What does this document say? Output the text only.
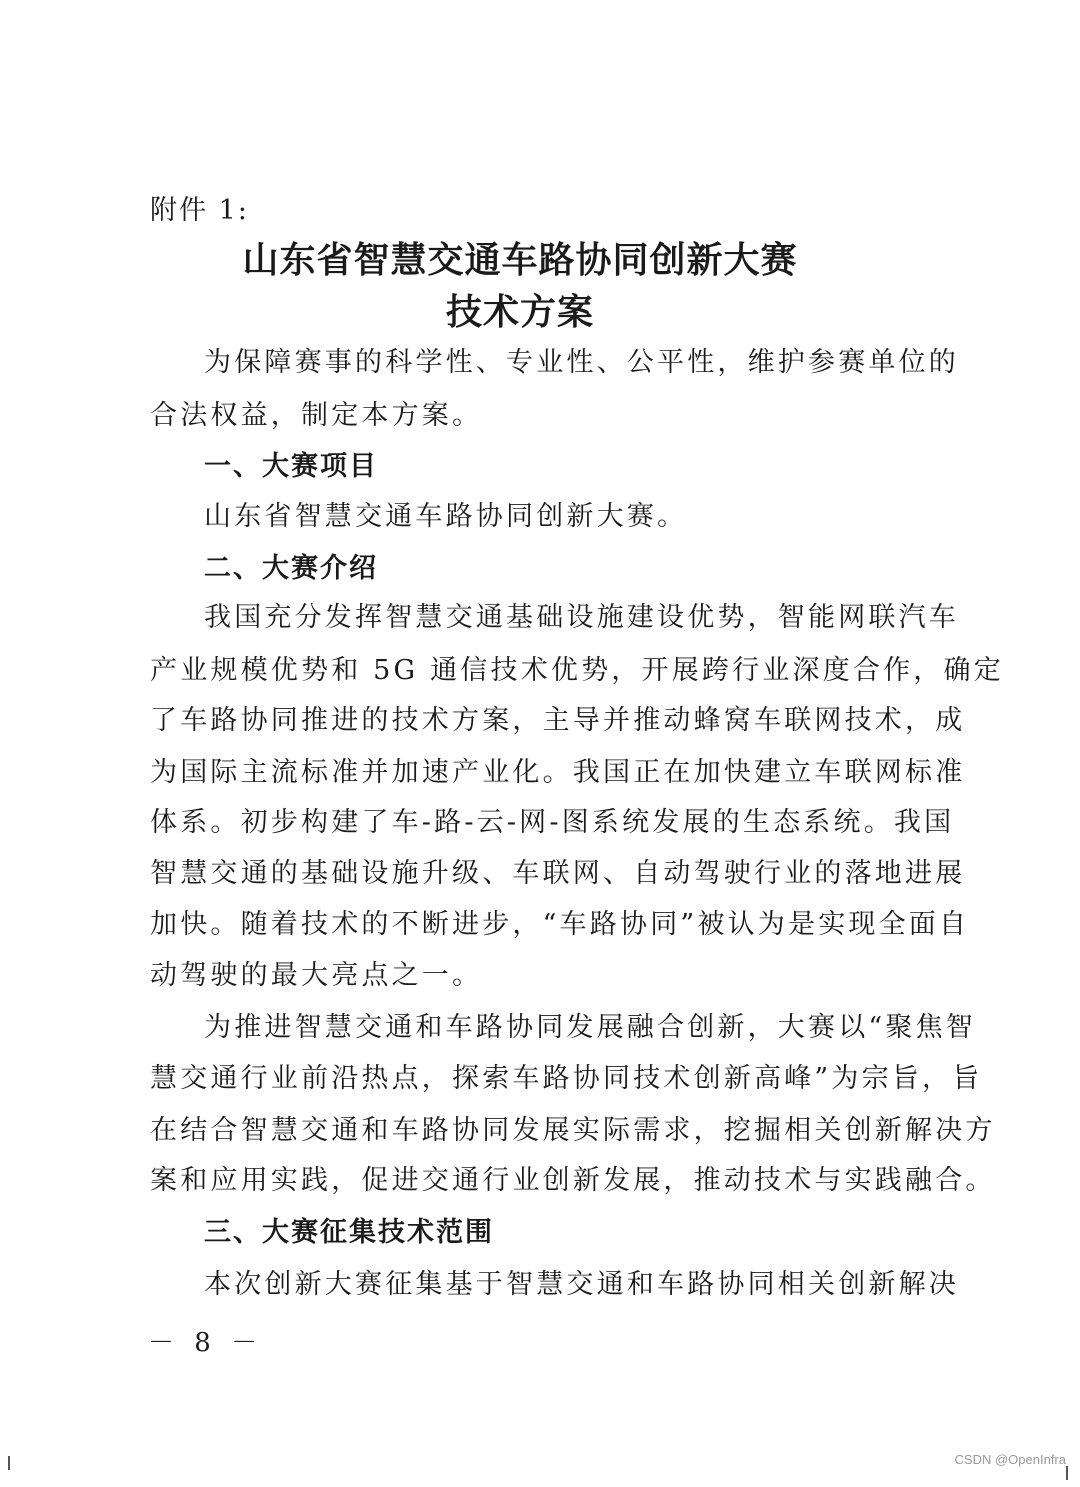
附件 1:
山东省智慧交通车路协同创新大赛
技术方案
为保障赛事的科学性、专业性、公平性，维护参赛单位的
合法权益，制定本方案。
一、大赛项目
山东省智慧交通车路协同创新大赛。
二、大赛介绍
我国充分发挥智慧交通基础设施建设优势，智能网联汽车
产业规模优势和 5G 通信技术优势，开展跨行业深度合作，确定
了车路协同推进的技术方案，主导并推动蜂窝车联网技术，成
为国际主流标准并加速产业化。我国正在加快建立车联网标准
体系。初步构建了车-路-云-网-图系统发展的生态系统。我国
智慧交通的基础设施升级、车联网、自动驾驶行业的落地进展
加快。随着技术的不断进步，“车路协同”被认为是实现全面自
动驾驶的最大亮点之一。
为推进智慧交通和车路协同发展融合创新，大赛以“聚焦智
慧交通行业前沿热点，探索车路协同技术创新高峰”为宗旨，旨
在结合智慧交通和车路协同发展实际需求，挖掘相关创新解决方
案和应用实践，促进交通行业创新发展，推动技术与实践融合。
三、大赛征集技术范围
本次创新大赛征集基于智慧交通和车路协同相关创新解决
－ 8 －
CSDN @OpenInfra
